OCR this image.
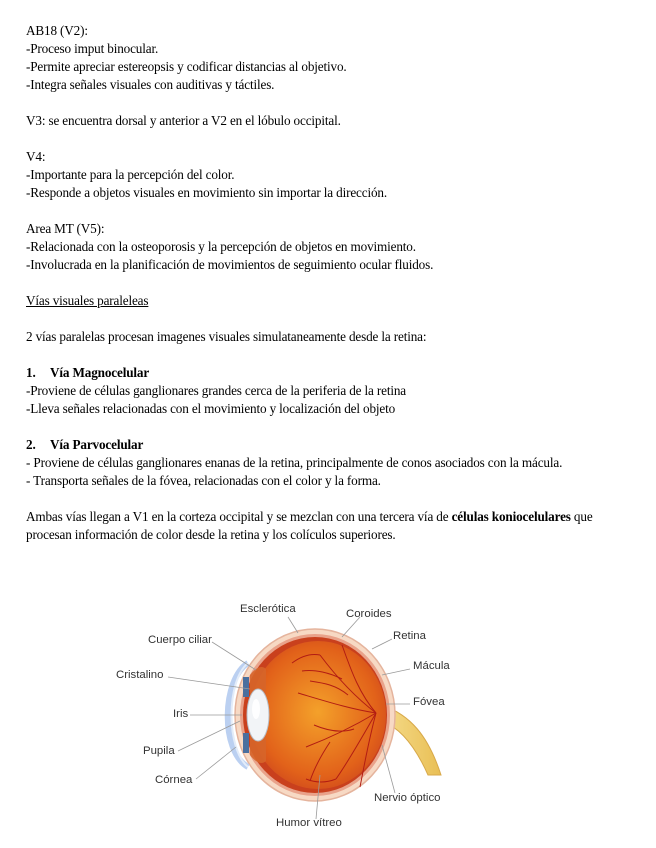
AB18 (V2):

-Proceso imput binocular.

-Permite apreciar estereopsis y codificar distancias al objetivo.

-Integra señales visuales con auditivas y táctiles.

V3: se encuentra dorsal y anterior a V2 en el lóbulo occipital.

V4:

-Importante para la percepción del color.

-Responde a objetos visuales en movimiento sin importar la dirección.

Area MT (V5):

-Relacionada con la osteoporosis y la percepción de objetos en movimiento.

-Involucrada en la planificación de movimientos de seguimiento ocular fluidos.

Vías visuales paraleleas

2 vías paralelas procesan imagenes visuales simulataneamente desde la retina:

1. Vía Magnocelular

-Proviene de células ganglionares grandes cerca de la periferia de la retina

-Lleva señales relacionadas con el movimiento y localización del objeto

2. Vía Parvocelular

- Proviene de células ganglionares enanas de la retina, principalmente de conos asociados con la mácula.

- Transporta señales de la fóvea, relacionadas con el color y la forma.

Ambas vías llegan a V1 en la corteza occipital y se mezclan con una tercera vía de células koniocelulares que procesan información de color desde la retina y los colículos superiores.

Esclerótica	Coroides
Cuerpo ciliar	Retina
Cristalino
Mácula
Fóvea
Iris
Pupila
Córnea
Nervio óptico
Humor vítreo
